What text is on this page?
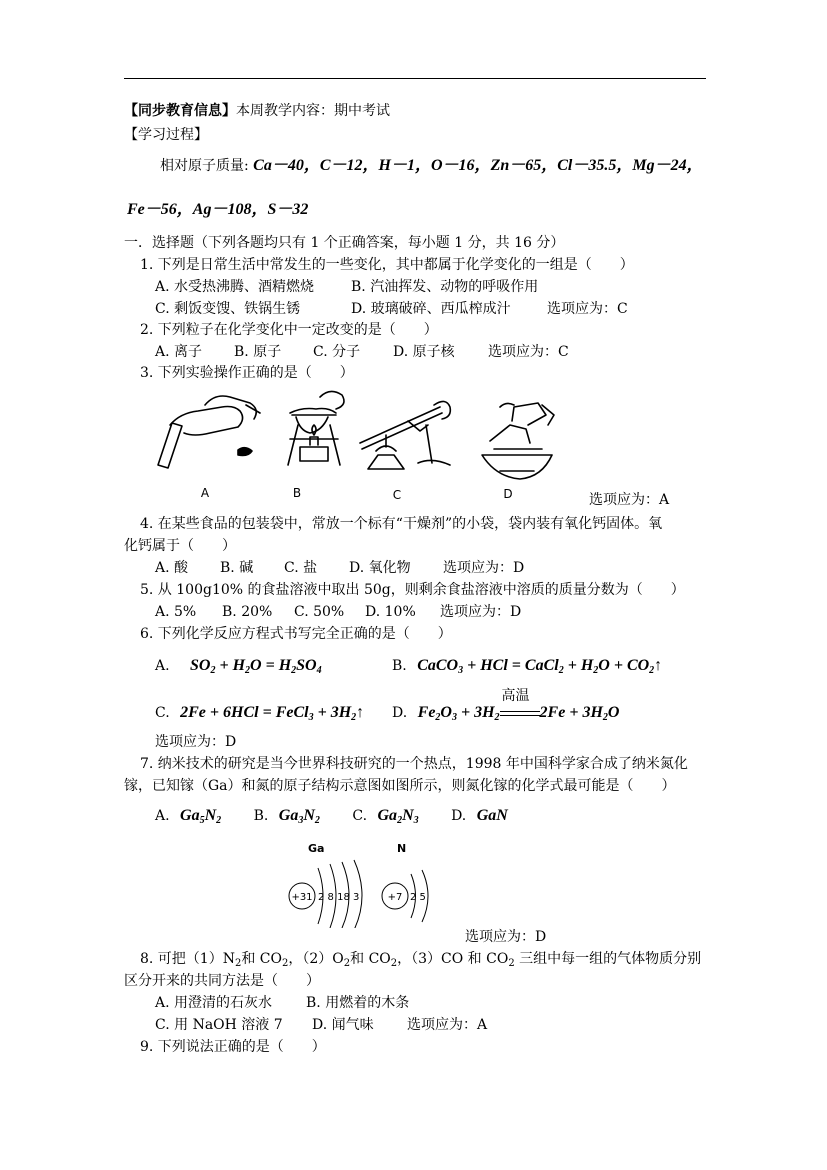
【同步教育信息】本周教学内容：期中考试
【学习过程】
相对原子质量: Ca－40，C－12，H－1，O－16，Zn－65，Cl－35.5，Mg－24，
Fe－56，Ag－108，S－32
一．选择题（下列各题均只有 1 个正确答案，每小题 1 分，共 16 分）
1. 下列是日常生活中常发生的一些变化，其中都属于化学变化的一组是（　　）
A. 水受热沸腾、酒精燃烧	B. 汽油挥发、动物的呼吸作用
C. 剩饭变馊、铁锅生锈	D. 玻璃破碎、西瓜榨成汁	选项应为：C
2. 下列粒子在化学变化中一定改变的是（　　）
A. 离子 B. 原子 C. 分子 D. 原子核 选项应为：C
3. 下列实验操作正确的是（　　）
A	B	C	D	选项应为：A
4. 在某些食品的包装袋中，常放一个标有“干燥剂”的小袋，袋内装有氧化钙固体。氧
化钙属于（　　）
A. 酸 B. 碱 C. 盐 D. 氧化物 选项应为：D
5. 从 100g10% 的食盐溶液中取出 50g，则剩余食盐溶液中溶质的质量分数为（　　）
A. 5% B. 20% C. 50% D. 10% 选项应为：D
6. 下列化学反应方程式书写完全正确的是（　　）
A. $SO_2 + H_2O = H_2SO_4$	B. CaCO$_3$ + HCl = CaCl$_2$ + $H_2O$ + $CO_2↑$
C. 2Fe + 6HCl = FeCl$_3$ + $3H_2↑$ D. $Fe_2O_3 + 3H_2$
高温
$2Fe + 3H_2O$
选项应为：D
7. 纳米技术的研究是当今世界科技研究的一个热点，1998 年中国科学家合成了纳米氮化
镓，已知镓（Ga）和氮的原子结构示意图如图所示，则氮化镓的化学式最可能是（　　）
A. $Ga_5N_2$ B. $Ga_3N_2$ C. $Ga_2N_3$ D. GaN
Ga
+31 2 8 18 3
N
+7 2 5
选项应为：D
8. 可把$(1)N_2$和 $CO_2$，$(2)O_2$和 $CO_2$，（3）CO 和 $CO_2$ 三组中每一组的气体物质分别
区分开来的共同方法是（　　）
A. 用澄清的石灰水 B. 用燃着的木条
C. 用 NaOH 溶液 7 D. 闻气味 选项应为：A
9. 下列说法正确的是（　　）
